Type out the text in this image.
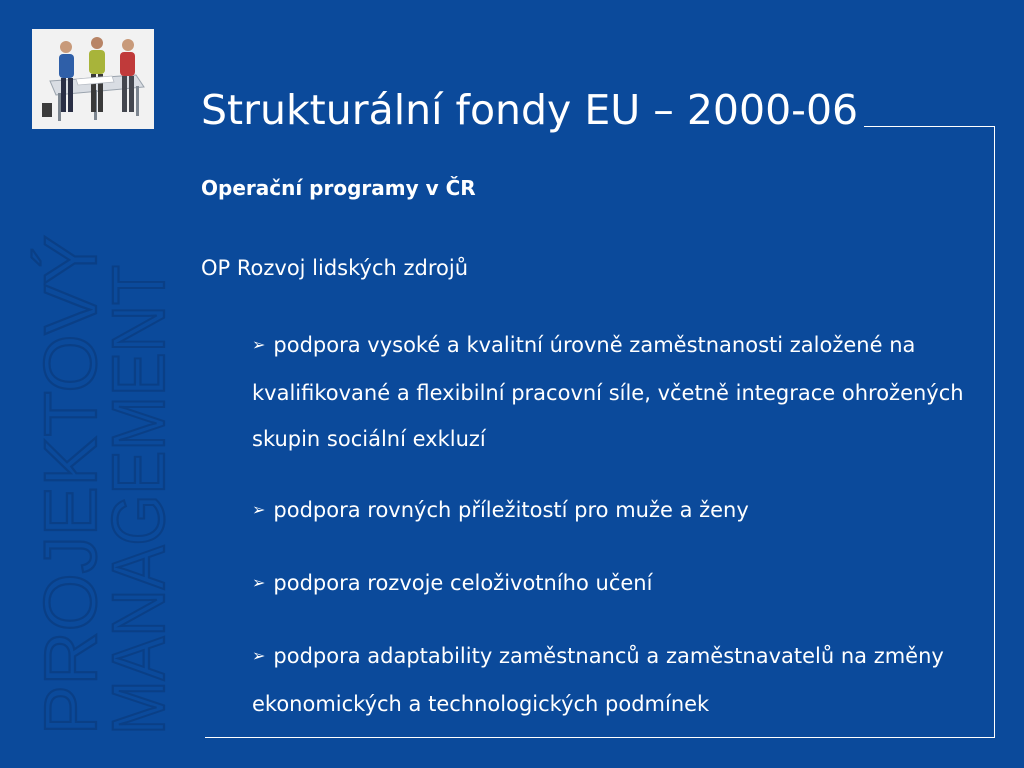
PROJEKTOVÝ
MANAGEMENT
Strukturální fondy EU – 2000-06
Operační programy v ČR
OP Rozvoj lidských zdrojů
➢ podpora vysoké a kvalitní úrovně zaměstnanosti založené na kvalifikované a flexibilní pracovní síle, včetně integrace ohrožených skupin sociální exkluzí
➢ podpora rovných příležitostí pro muže a ženy
➢ podpora rozvoje celoživotního učení
➢ podpora adaptability zaměstnanců a zaměstnavatelů na změny ekonomických a technologických podmínek
